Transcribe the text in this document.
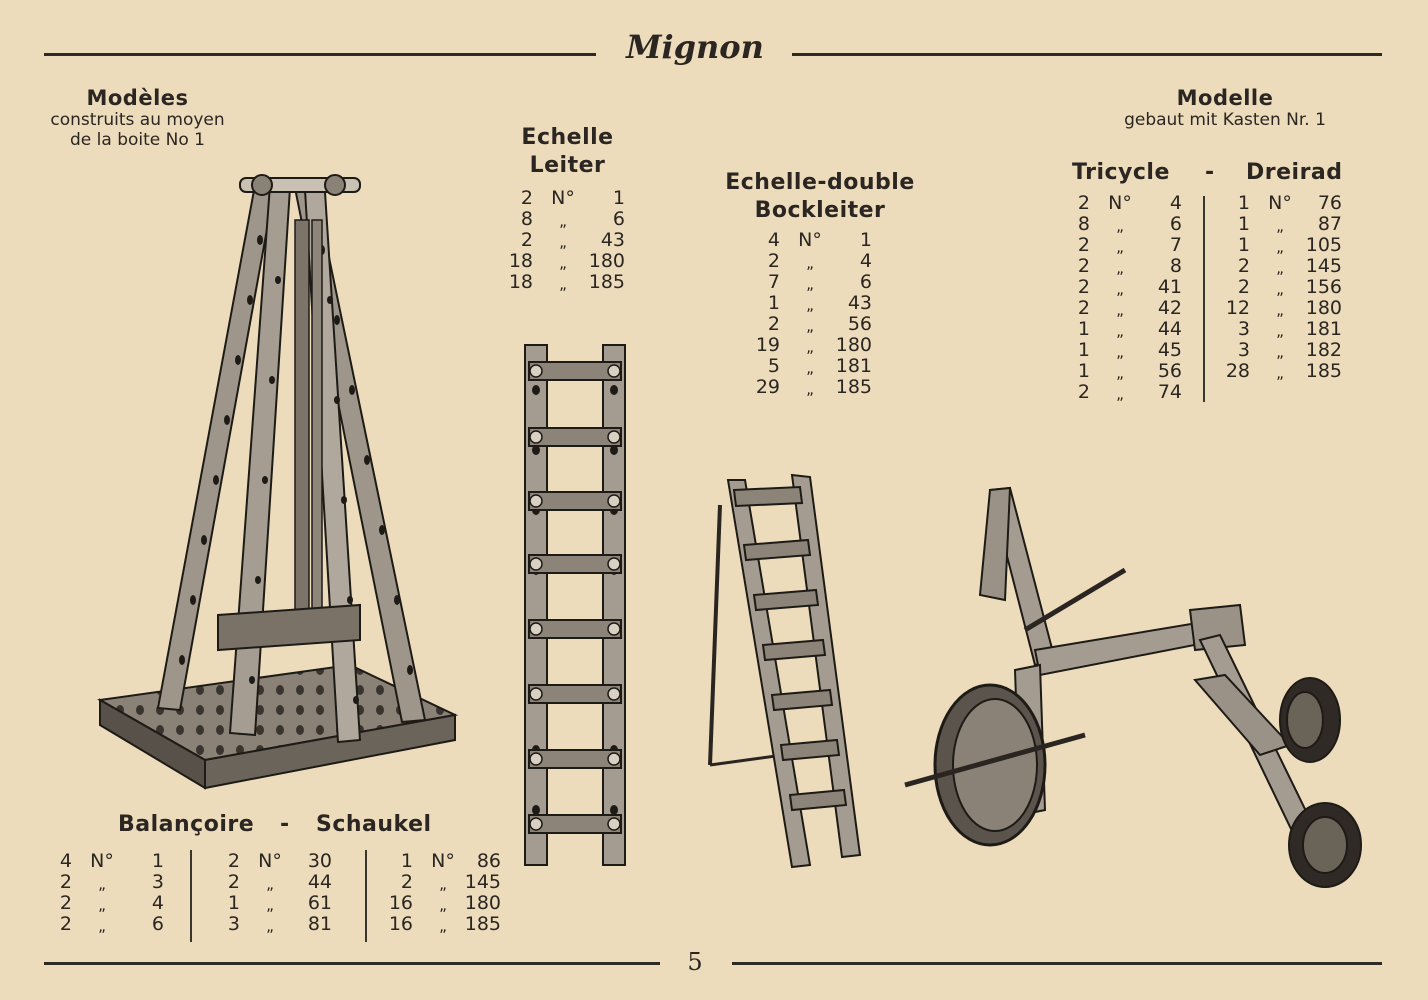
Mignon
Modèles
construits au moyen
de la boite No 1
Modelle
gebaut mit Kasten Nr. 1
Echelle
Leiter
2 N°	1
8	„	6
2	„	43
18	„	180
18	„	185
Echelle-double
Bockleiter
4 N°	1
2	„	4
7	„	6
1	„	43
2	„	56
19	„	180
5	„	181
29	„	185
Tricycle - Dreirad
2 N°	4
8	„	6
2	„	7
2	„	8
2	„	41
2	„	42
1	„	44
1	„	45
1	„	56
2	„	74
1 N°	76
1	„	87
1	„	105
2	„	145
2	„	156
12	„	180
3	„	181
3	„	182
28	„	185
Balançoire - Schaukel
4 N°	1
2	„	3
2	„	4
2	„	6
2 N°	30
2	„	44
1	„	61
3	„	81
1 N°	86
2	„ 145
16	„ 180
16	„ 185
5
